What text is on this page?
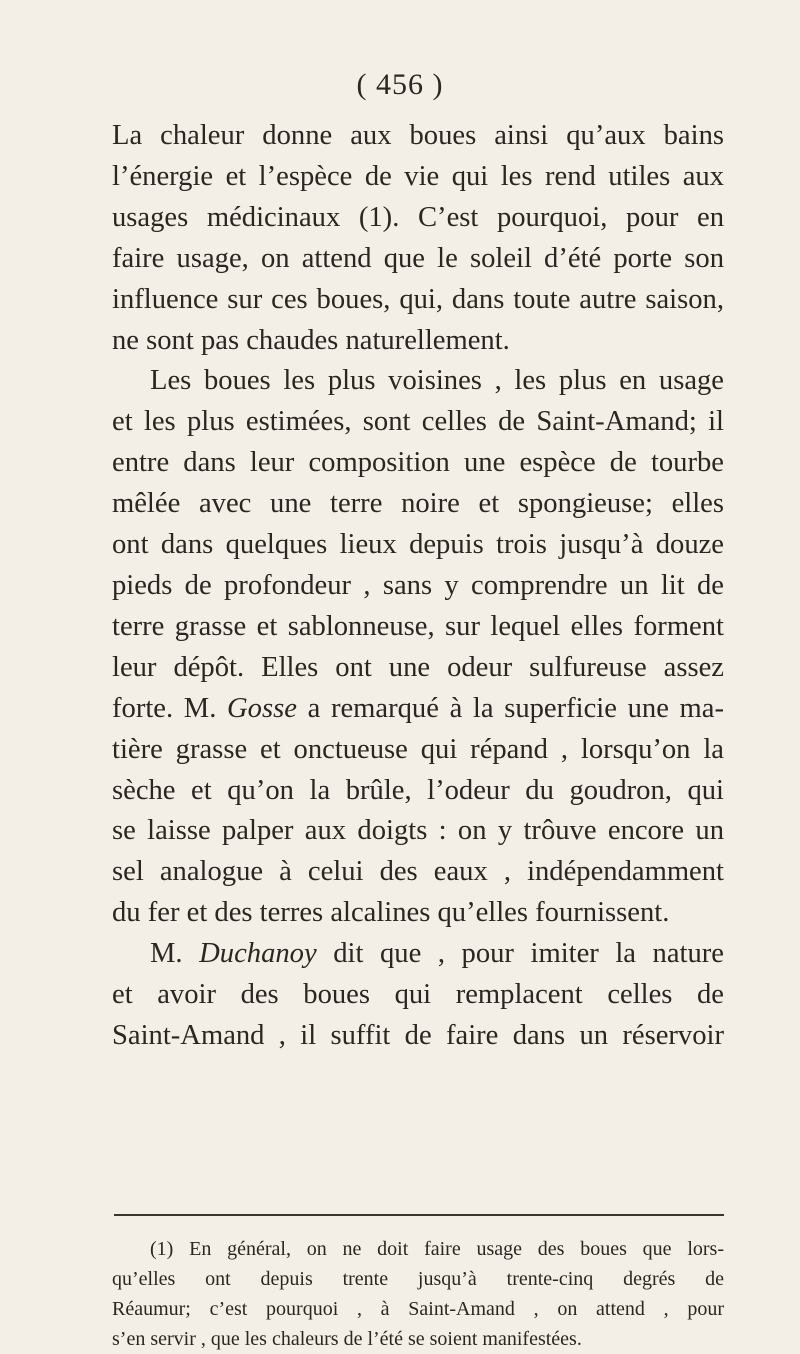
( 456 )
La chaleur donne aux boues ainsi qu’aux bains
l’énergie et l’espèce de vie qui les rend utiles aux
usages médicinaux (1). C’est pourquoi, pour en
faire usage, on attend que le soleil d’été porte son
influence sur ces boues, qui, dans toute autre saison,
ne sont pas chaudes naturellement.
Les boues les plus voisines , les plus en usage
et les plus estimées, sont celles de Saint-Amand; il
entre dans leur composition une espèce de tourbe
mêlée avec une terre noire et spongieuse; elles
ont dans quelques lieux depuis trois jusqu’à douze
pieds de profondeur , sans y comprendre un lit de
terre grasse et sablonneuse, sur lequel elles forment
leur dépôt. Elles ont une odeur sulfureuse assez
forte. M. Gosse a remarqué à la superficie une ma-
tière grasse et onctueuse qui répand , lorsqu’on la
sèche et qu’on la brûle, l’odeur du goudron, qui
se laisse palper aux doigts : on y trôuve encore un
sel analogue à celui des eaux , indépendamment
du fer et des terres alcalines qu’elles fournissent.
M. Duchanoy dit que , pour imiter la nature
et avoir des boues qui remplacent celles de
Saint-Amand , il suffit de faire dans un réservoir
(1) En général, on ne doit faire usage des boues que lors-
qu’elles ont depuis trente jusqu’à trente-cinq degrés de
Réaumur; c’est pourquoi , à Saint-Amand , on attend , pour
s’en servir , que les chaleurs de l’été se soient manifestées.
